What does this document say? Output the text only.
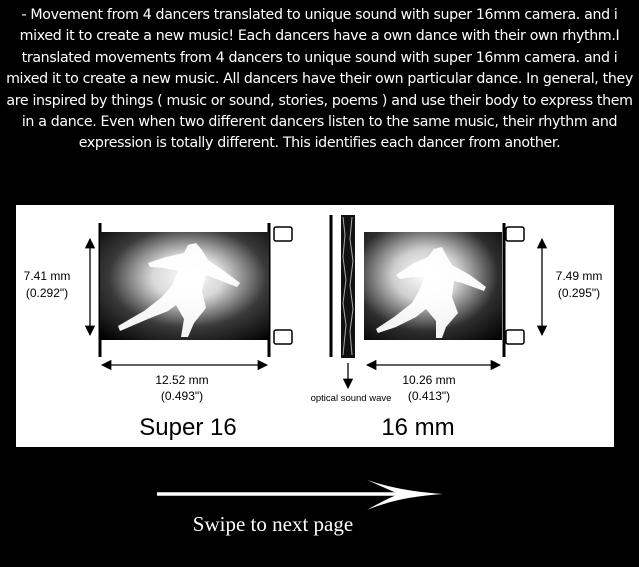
- Movement from 4 dancers translated to unique sound with super 16mm camera. and i mixed it to create a new music! Each dancers have a own dance with their own rhythm.I translated movements from 4 dancers to unique sound with super 16mm camera. and i mixed it to create a new music. All dancers have their own particular dance. In general, they are inspired by things ( music or sound, stories, poems ) and use their body to express them in a dance. Even when two different dancers listen to the same music, their rhythm and expression is totally different. This identifies each dancer from another.

7.41 mm
(0.292")
12.52 mm
(0.493")
Super 16
7.49 mm
(0.295")
10.26 mm
(0.413")
optical sound wave
16 mm
Swipe to next page
